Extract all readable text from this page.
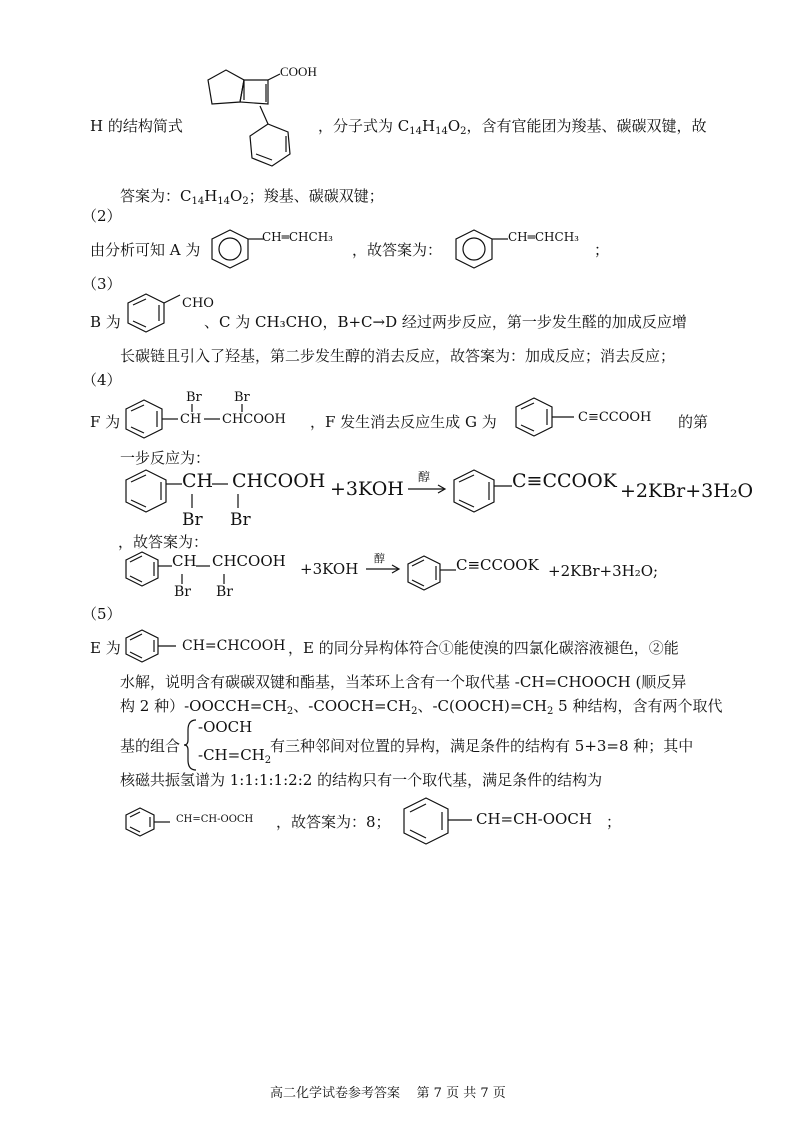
COOH
H 的结构简式	，分子式为 $C_{14}H_{14}O_2$，含有官能团为羧基、碳碳双键，故
答案为：$C_{14}H_{14}O_2$；羧基、碳碳双键；
（2）
由分析可知 A 为
CH═CHCH₃
，故答案为：
CH═CHCH₃
；
（3）
B 为
CHO
、C 为 CH₃CHO，B+C→D 经过两步反应，第一步发生醛的加成反应增
长碳链且引入了羟基，第二步发生醇的消去反应，故答案为：加成反应；消去反应；
（4）
F 为
Br Br
CH CHCOOH ，F 发生消去反应生成 G 为	C≡CCOOH 的第
一步反应为：
CH CHCOOH
Br Br
+3KOH
醇	C≡CCOOK +2KBr+3H₂O
，故答案为：
CH CHCOOH
Br Br
+3KOH
醇	C≡CCOOK +2KBr+3H₂O;
（5）
E 为	CH=CHCOOH ，E 的同分异构体符合①能使溴的四氯化碳溶液褪色，②能
水解，说明含有碳碳双键和酯基，当苯环上含有一个取代基 -CH=CHOOCH (顺反异
构 2 种）$-OOCCH=CH_2$、$-COOCH=CH_2$、$-C(OOCH)=CH_2$ 5 种结构，含有两个取代
基的组合
-OOCH
$-CH=CH_2$
有三种邻间对位置的异构，满足条件的结构有 5+3=8 种；其中
核磁共振氢谱为 1:1:1:1:2:2 的结构只有一个取代基，满足条件的结构为
CH=CH-OOCH ，故答案为：8；	CH=CH-OOCH ；
高二化学试卷参考答案 第 7 页 共 7 页
